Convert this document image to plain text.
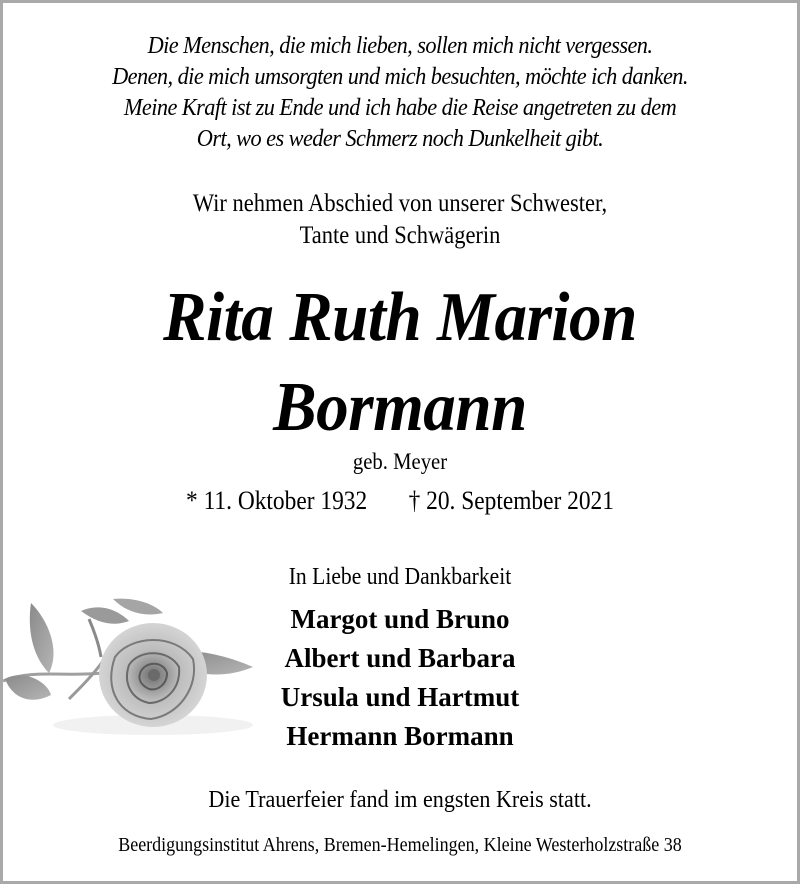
Die Menschen, die mich lieben, sollen mich nicht vergessen.
Denen, die mich umsorgten und mich besuchten, möchte ich danken.
Meine Kraft ist zu Ende und ich habe die Reise angetreten zu dem
Ort, wo es weder Schmerz noch Dunkelheit gibt.
Wir nehmen Abschied von unserer Schwester,
Tante und Schwägerin
Rita Ruth Marion
Bormann
geb. Meyer
* 11. Oktober 1932 † 20. September 2021
In Liebe und Dankbarkeit
Margot und Bruno
Albert und Barbara
Ursula und Hartmut
Hermann Bormann
Die Trauerfeier fand im engsten Kreis statt.
Beerdigungsinstitut Ahrens, Bremen-Hemelingen, Kleine Westerholzstraße 38
